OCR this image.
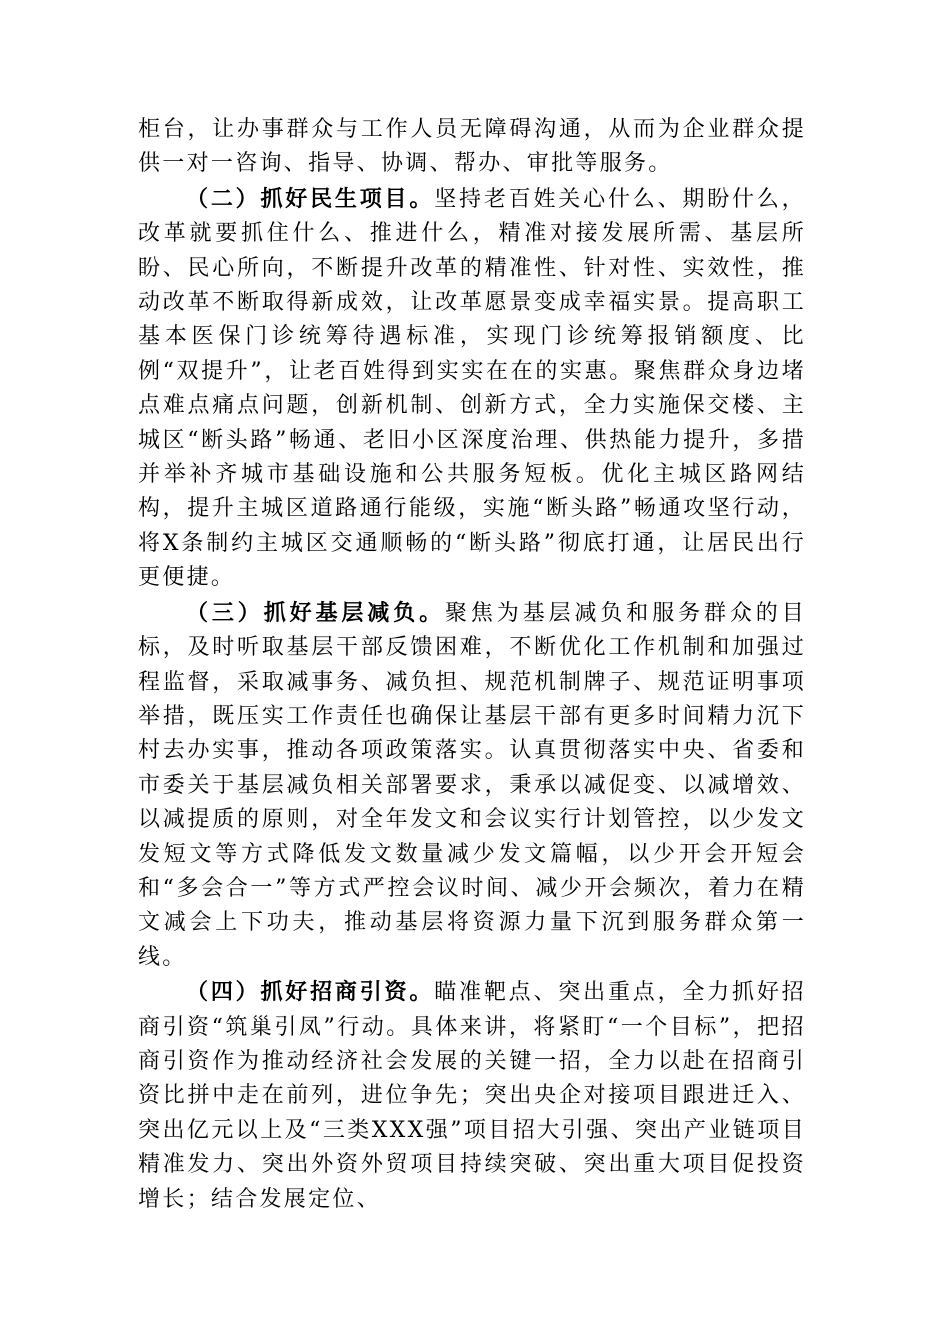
柜台，让办事群众与工作人员无障碍沟通，从而为企业群众提供一对一咨询、指导、协调、帮办、审批等服务。

（二）抓好民生项目。坚持老百姓关心什么、期盼什么，改革就要抓住什么、推进什么，精准对接发展所需、基层所盼、民心所向，不断提升改革的精准性、针对性、实效性，推动改革不断取得新成效，让改革愿景变成幸福实景。提高职工基本医保门诊统筹待遇标准，实现门诊统筹报销额度、比例“双提升”，让老百姓得到实实在在的实惠。聚焦群众身边堵点难点痛点问题，创新机制、创新方式，全力实施保交楼、主城区“断头路”畅通、老旧小区深度治理、供热能力提升，多措并举补齐城市基础设施和公共服务短板。优化主城区路网结构，提升主城区道路通行能级，实施“断头路”畅通攻坚行动，将X条制约主城区交通顺畅的“断头路”彻底打通，让居民出行更便捷。

（三）抓好基层减负。聚焦为基层减负和服务群众的目标，及时听取基层干部反馈困难，不断优化工作机制和加强过程监督，采取减事务、减负担、规范机制牌子、规范证明事项举措，既压实工作责任也确保让基层干部有更多时间精力沉下村去办实事，推动各项政策落实。认真贯彻落实中央、省委和市委关于基层减负相关部署要求，秉承以减促变、以减增效、以减提质的原则，对全年发文和会议实行计划管控，以少发文发短文等方式降低发文数量减少发文篇幅，以少开会开短会和“多会合一”等方式严控会议时间、减少开会频次，着力在精文减会上下功夫，推动基层将资源力量下沉到服务群众第一线。

（四）抓好招商引资。瞄准靶点、突出重点，全力抓好招商引资“筑巢引凤”行动。具体来讲，将紧盯“一个目标”，把招商引资作为推动经济社会发展的关键一招，全力以赴在招商引资比拼中走在前列，进位争先；突出央企对接项目跟进迁入、突出亿元以上及“三类XXX强”项目招大引强、突出产业链项目精准发力、突出外资外贸项目持续突破、突出重大项目促投资增长；结合发展定位、
